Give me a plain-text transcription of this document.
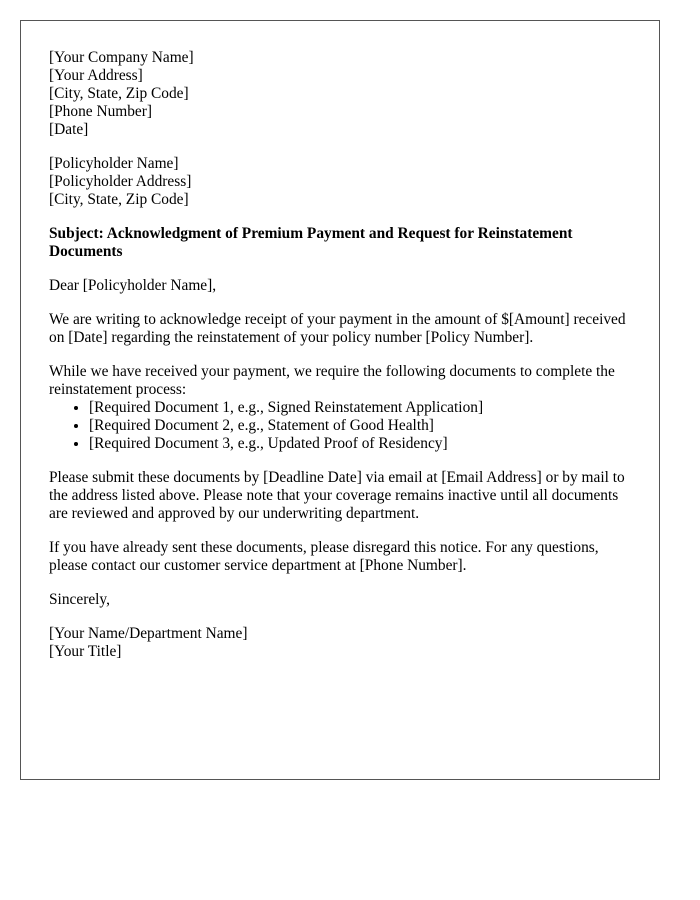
[Your Company Name]
[Your Address]
[City, State, Zip Code]
[Phone Number]
[Date]
[Policyholder Name]
[Policyholder Address]
[City, State, Zip Code]

Subject: Acknowledgment of Premium Payment and Request for Reinstatement Documents

Dear [Policyholder Name],

We are writing to acknowledge receipt of your payment in the amount of $[Amount] received on [Date] regarding the reinstatement of your policy number [Policy Number].

While we have received your payment, we require the following documents to complete the reinstatement process:

• [Required Document 1, e.g., Signed Reinstatement Application]
• [Required Document 2, e.g., Statement of Good Health]
• [Required Document 3, e.g., Updated Proof of Residency]

Please submit these documents by [Deadline Date] via email at [Email Address] or by mail to the address listed above. Please note that your coverage remains inactive until all documents are reviewed and approved by our underwriting department.

If you have already sent these documents, please disregard this notice. For any questions, please contact our customer service department at [Phone Number].

Sincerely,

[Your Name/Department Name]
[Your Title]
